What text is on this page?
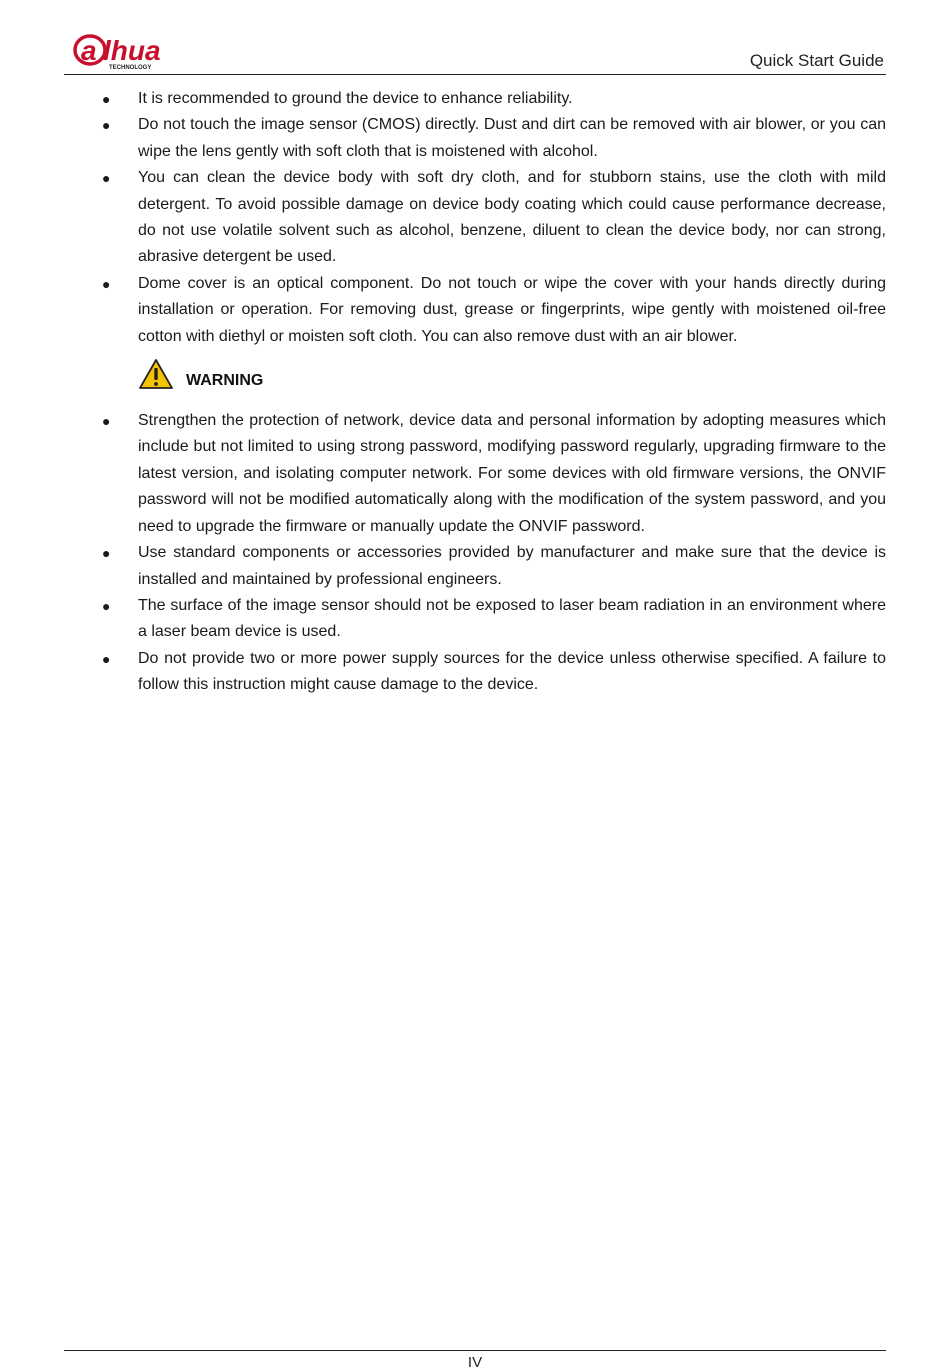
a lhua
TECHNOLOGY	Quick Start Guide
● It is recommended to ground the device to enhance reliability.
● Do not touch the image sensor (CMOS) directly. Dust and dirt can be removed with air blower, or you can wipe the lens gently with soft cloth that is moistened with alcohol.
● You can clean the device body with soft dry cloth, and for stubborn stains, use the cloth with mild detergent. To avoid possible damage on device body coating which could cause performance decrease, do not use volatile solvent such as alcohol, benzene, diluent to clean the device body, nor can strong, abrasive detergent be used.
● Dome cover is an optical component. Do not touch or wipe the cover with your hands directly during installation or operation. For removing dust, grease or fingerprints, wipe gently with moistened oil-free cotton with diethyl or moisten soft cloth. You can also remove dust with an air blower.
WARNING
● Strengthen the protection of network, device data and personal information by adopting measures which include but not limited to using strong password, modifying password regularly, upgrading firmware to the latest version, and isolating computer network. For some devices with old firmware versions, the ONVIF password will not be modified automatically along with the modification of the system password, and you need to upgrade the firmware or manually update the ONVIF password.
● Use standard components or accessories provided by manufacturer and make sure that the device is installed and maintained by professional engineers.
● The surface of the image sensor should not be exposed to laser beam radiation in an environment where a laser beam device is used.
● Do not provide two or more power supply sources for the device unless otherwise specified. A failure to follow this instruction might cause damage to the device.
IV
